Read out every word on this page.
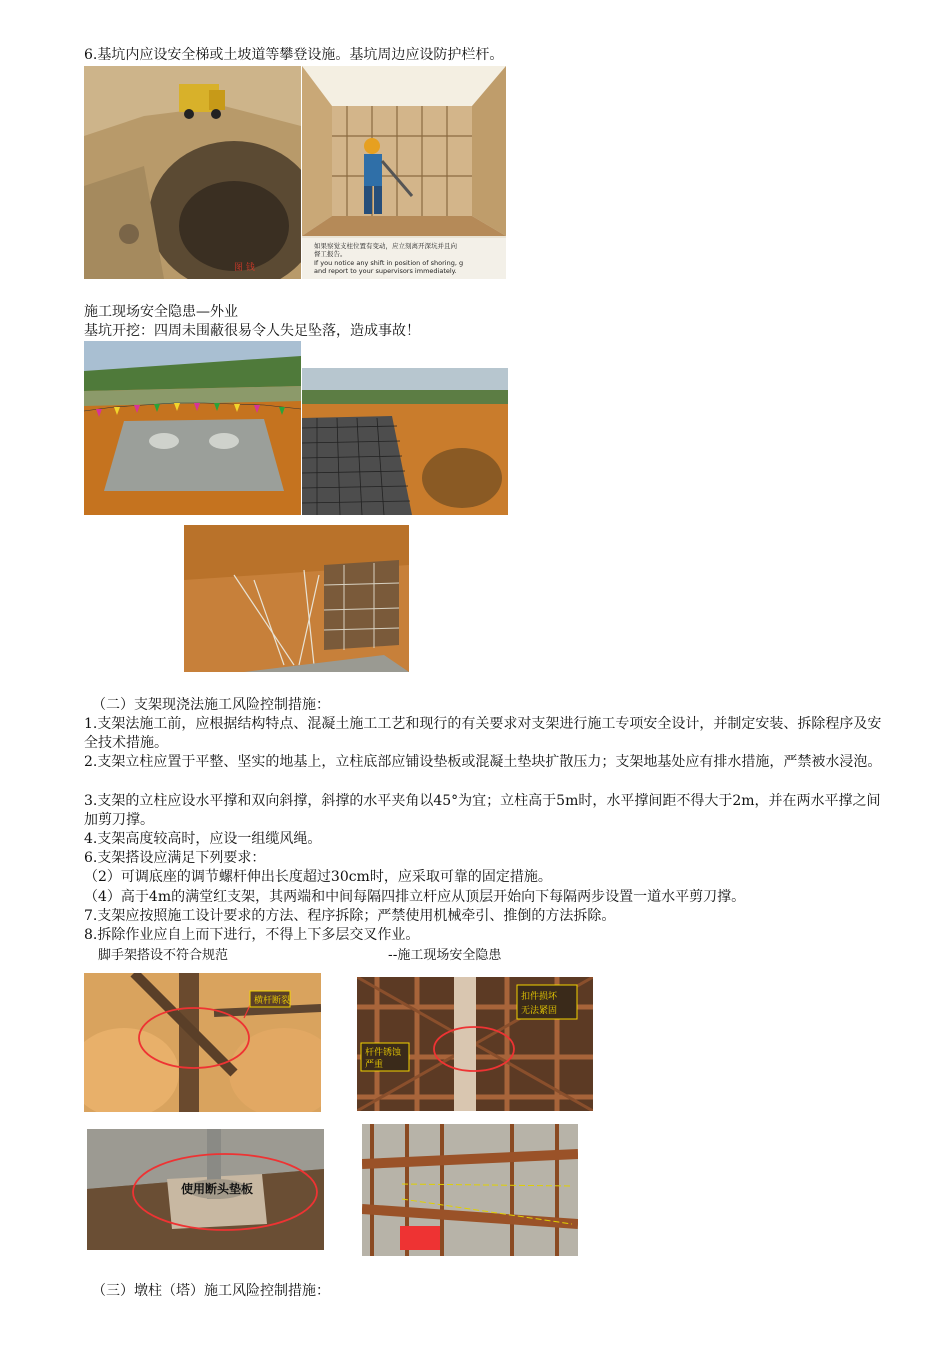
6.基坑内应设安全梯或土坡道等攀登设施。基坑周边应设防护栏杆。
图 钱
如果察觉支柱位置有变动，应立刻离开深坑并且向
督工报告。
If you notice any shift in position of shoring, g
and report to your supervisors immediately.
施工现场安全隐患—外业
基坑开挖：四周未围蔽很易令人失足坠落，造成事故！
（二）支架现浇法施工风险控制措施：
1.支架法施工前，应根据结构特点、混凝土施工工艺和现行的有关要求对支架进行施工专项安全设计，并制定安装、拆除程序及安全技术措施。
2.支架立柱应置于平整、坚实的地基上，立柱底部应铺设垫板或混凝土垫块扩散压力；支架地基处应有排水措施，严禁被水浸泡。
3.支架的立柱应设水平撑和双向斜撑，斜撑的水平夹角以45°为宜；立柱高于5m时，水平撑间距不得大于2m，并在两水平撑之间加剪刀撑。
4.支架高度较高时，应设一组缆风绳。
6.支架搭设应满足下列要求：
（2）可调底座的调节螺杆伸出长度超过30cm时，应采取可靠的固定措施。
（4）高于4m的满堂红支架，其两端和中间每隔四排立杆应从顶层开始向下每隔两步设置一道水平剪刀撑。
7.支架应按照施工设计要求的方法、程序拆除；严禁使用机械牵引、推倒的方法拆除。
8.拆除作业应自上而下进行，不得上下多层交叉作业。
脚手架搭设不符合规范	--施工现场安全隐患
横杆断裂	扣件损坏
无法紧固
杆件锈蚀
严重
使用断头垫板
（三）墩柱（塔）施工风险控制措施：
